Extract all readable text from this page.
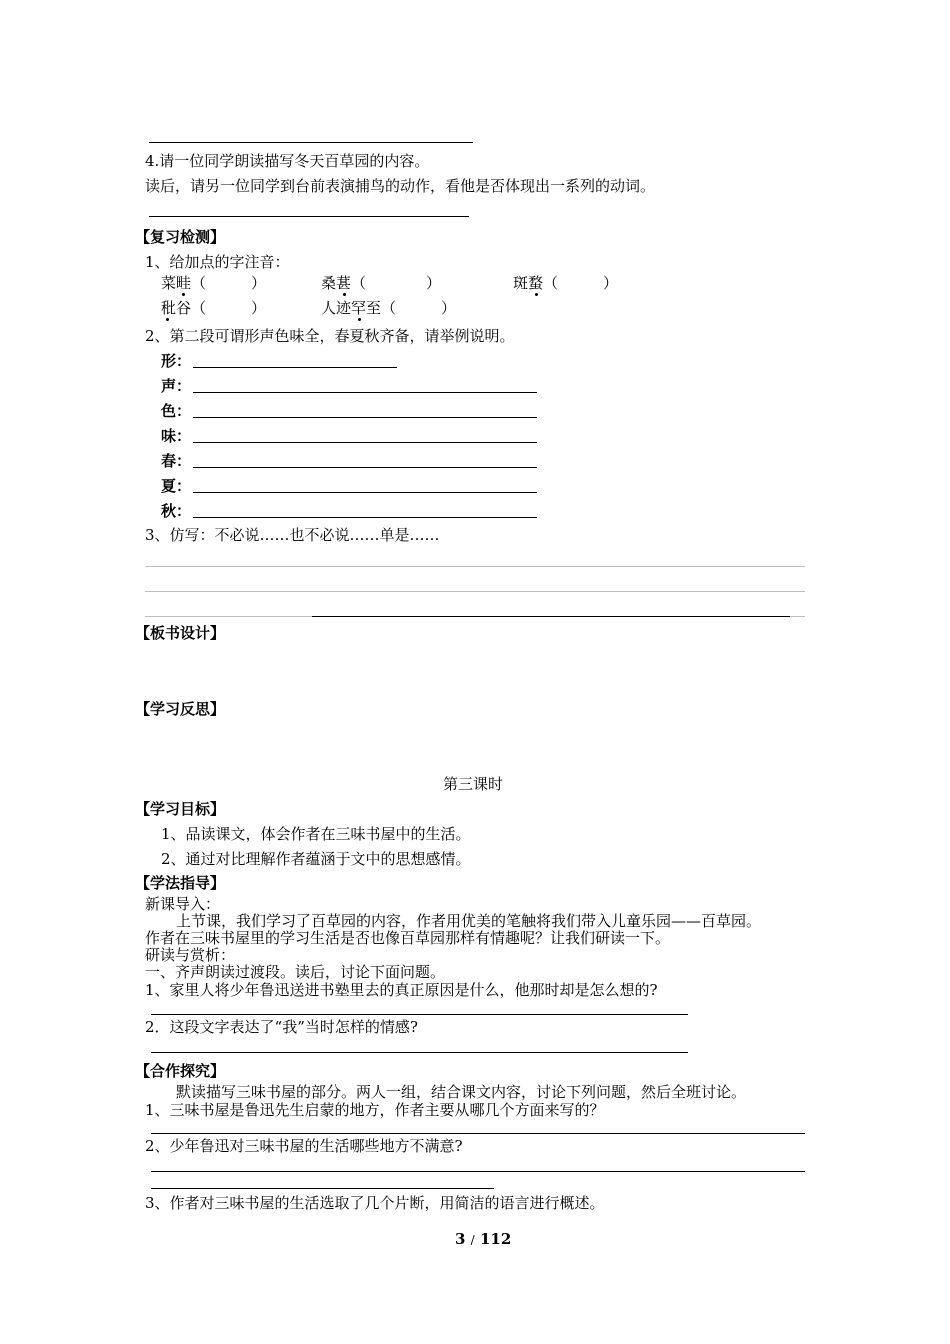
4.请一位同学朗读描写冬天百草园的内容。
读后，请另一位同学到台前表演捕鸟的动作，看他是否体现出一系列的动词。
【复习检测】
1、给加点的字注音：
菜畦（　　　）	桑葚（　　　　）	斑蝥（　　　）
秕谷（　　　）	人迹罕至（　　　）
2、第二段可谓形声色味全，春夏秋齐备，请举例说明。
形：
声：
色：
味：
春：
夏：
秋：
3、仿写：不必说……也不必说……单是……
【板书设计】
【学习反思】
第三课时
【学习目标】
1、品读课文，体会作者在三味书屋中的生活。
2、通过对比理解作者蕴涵于文中的思想感情。
【学法指导】
新课导入：
上节课，我们学习了百草园的内容，作者用优美的笔触将我们带入儿童乐园——百草园。
作者在三味书屋里的学习生活是否也像百草园那样有情趣呢？让我们研读一下。
研读与赏析：
一、齐声朗读过渡段。读后，讨论下面问题。
1、家里人将少年鲁迅送进书塾里去的真正原因是什么，他那时却是怎么想的?
2．这段文字表达了“我”当时怎样的情感?
【合作探究】
默读描写三味书屋的部分。两人一组，结合课文内容，讨论下列问题，然后全班讨论。
1、三味书屋是鲁迅先生启蒙的地方，作者主要从哪几个方面来写的？
2、少年鲁迅对三味书屋的生活哪些地方不满意?
3、作者对三味书屋的生活选取了几个片断，用简洁的语言进行概述。
3 / 112
